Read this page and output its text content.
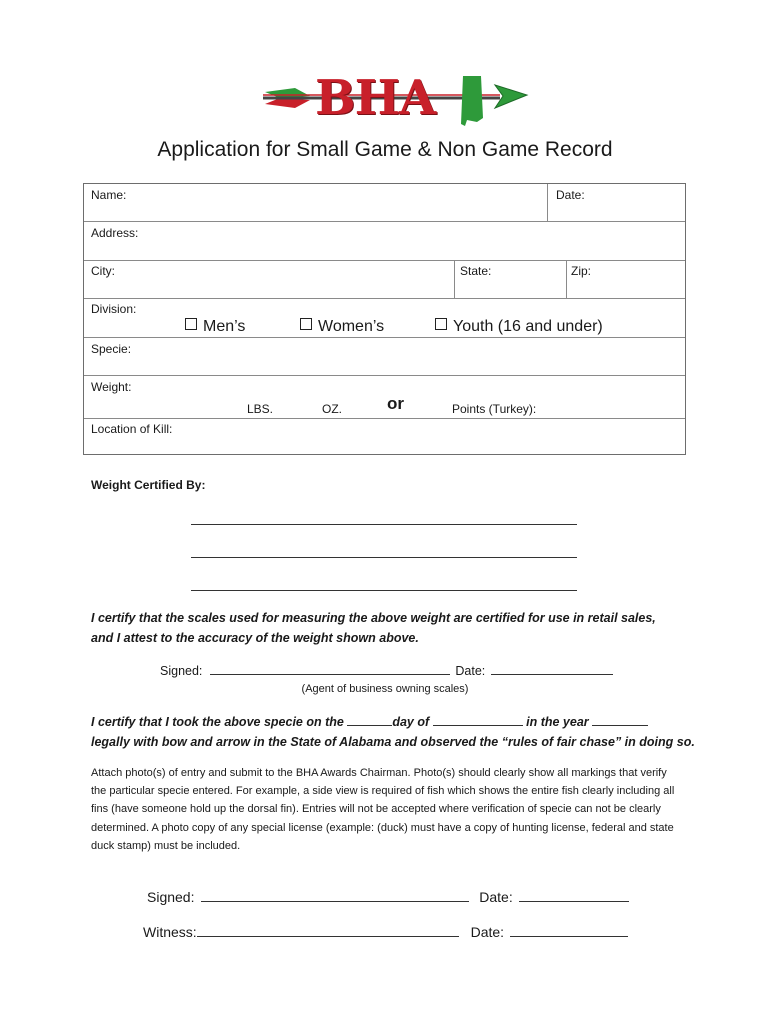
BHA
Application for Small Game & Non Game Record
Name:	Date:
Address:
City:	State:	Zip:
Division:
Men’s	Women’s	Youth (16 and under)
Specie:
Weight:
LBS.	OZ.	or	Points (Turkey):
Location of Kill:
Weight Certified By:
I certify that the scales used for measuring the above weight are certified for use in retail sales, and I attest to the accuracy of the weight shown above.
Signed:	Date:
(Agent of business owning scales)
I certify that I took the above specie on the	day of	in the year
legally with bow and arrow in the State of Alabama and observed the “rules of fair chase” in doing so.
Attach photo(s) of entry and submit to the BHA Awards Chairman. Photo(s) should clearly show all markings that verify the particular specie entered. For example, a side view is required of fish which shows the entire fish clearly including all fins (have someone hold up the dorsal fin). Entries will not be accepted where verification of specie can not be clearly determined. A photo copy of any special license (example: (duck) must have a copy of hunting license, federal and state duck stamp) must be included.
Signed:	Date:
Witness:	Date:
